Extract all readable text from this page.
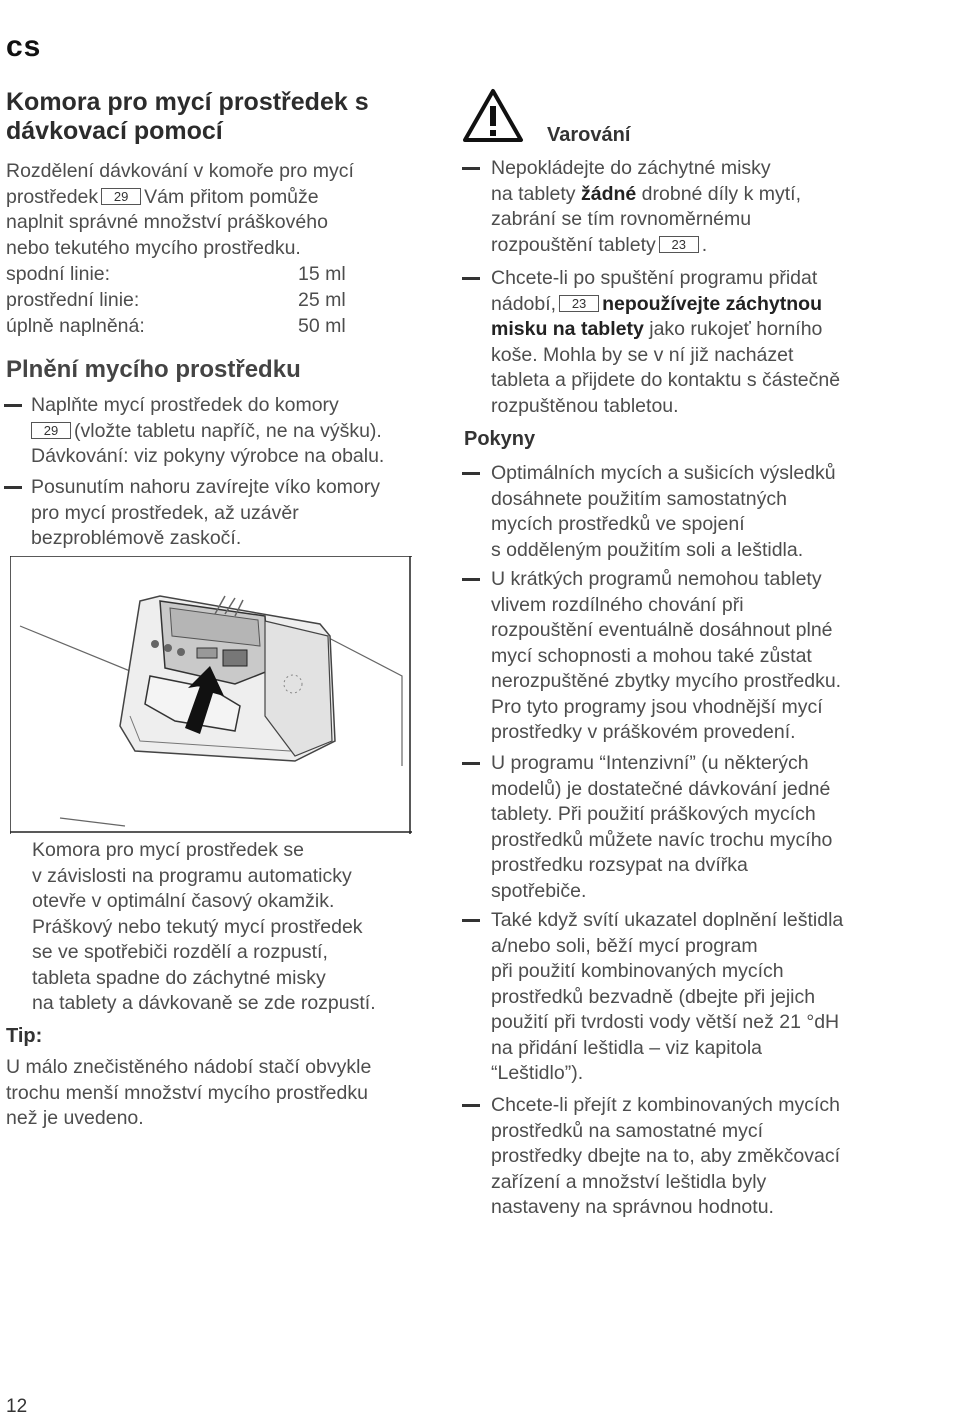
cs
Komora pro mycí prostředek s dávkovací pomocí
Rozdělení dávkování v komoře pro mycí
prostředek 29 Vám přitom pomůže
naplnit správné množství práškového
nebo tekutého mycího prostředku.
spodní linie:	15 ml
prostřední linie:	25 ml
úplně naplněná:	50 ml
Plnění mycího prostředku
Naplňte mycí prostředek do komory
29 (vložte tabletu napříč, ne na výšku).
Dávkování: viz pokyny výrobce na obalu.
Posunutím nahoru zavírejte víko komory
pro mycí prostředek, až uzávěr
bezproblémově zaskočí.
Komora pro mycí prostředek se
v závislosti na programu automaticky
otevře v optimální časový okamžik.
Práškový nebo tekutý mycí prostředek
se ve spotřebiči rozdělí a rozpustí,
tableta spadne do záchytné misky
na tablety a dávkovaně se zde rozpustí.
Tip:
U málo znečistěného nádobí stačí obvykle
trochu menší množství mycího prostředku
než je uvedeno.
Varování
Nepokládejte do záchytné misky
na tablety žádné drobné díly k mytí,
zabrání se tím rovnoměrnému
rozpouštění tablety 23 .
Chcete-li po spuštění programu přidat
nádobí, 23 nepoužívejte záchytnou
misku na tablety jako rukojeť horního
koše. Mohla by se v ní již nacházet
tableta a přijdete do kontaktu s částečně
rozpuštěnou tabletou.
Pokyny
Optimálních mycích a sušicích výsledků
dosáhnete použitím samostatných
mycích prostředků ve spojení
s odděleným použitím soli a leštidla.
U krátkých programů nemohou tablety
vlivem rozdílného chování při
rozpouštění eventuálně dosáhnout plné
mycí schopnosti a mohou také zůstat
nerozpuštěné zbytky mycího prostředku.
Pro tyto programy jsou vhodnější mycí
prostředky v práškovém provedení.
U programu “Intenzivní” (u některých
modelů) je dostatečné dávkování jedné
tablety. Při použití práškových mycích
prostředků můžete navíc trochu mycího
prostředku rozsypat na dvířka
spotřebiče.
Také když svítí ukazatel doplnění leštidla
a/nebo soli, běží mycí program
při použití kombinovaných mycích
prostředků bezvadně (dbejte při jejich
použití při tvrdosti vody větší než 21 °dH
na přidání leštidla – viz kapitola
“Leštidlo”).
Chcete-li přejít z kombinovaných mycích
prostředků na samostatné mycí
prostředky dbejte na to, aby změkčovací
zařízení a množství leštidla byly
nastaveny na správnou hodnotu.
12
